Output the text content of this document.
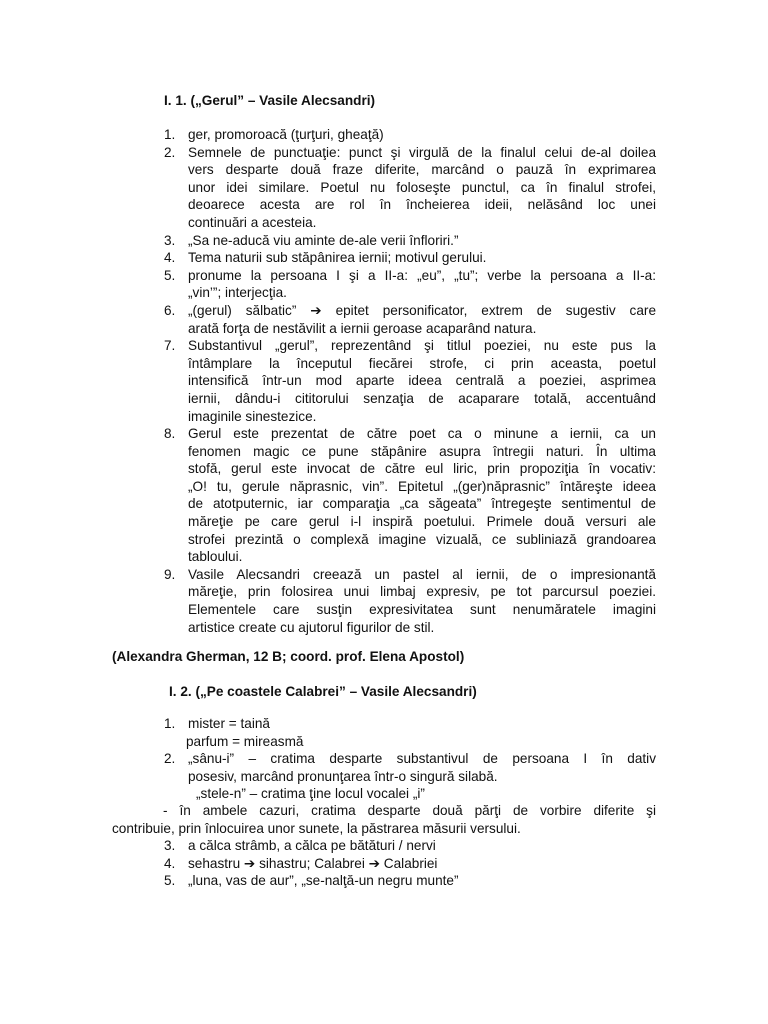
I. 1. („Gerul” – Vasile Alecsandri)
1. ger, promoroacă (ţurţuri, gheaţă)
2. Semnele de punctuaţie: punct şi virgulă de la finalul celui de-al doilea
vers desparte două fraze diferite, marcând o pauză în exprimarea
unor idei similare. Poetul nu foloseşte punctul, ca în finalul strofei,
deoarece acesta are rol în încheierea ideii, nelăsând loc unei
continuări a acesteia.
3. „Sa ne-aducă viu aminte de-ale verii înfloriri.”
4. Tema naturii sub stăpânirea iernii; motivul gerului.
5. pronume la persoana I şi a II-a: „eu”, „tu”; verbe la persoana a II-a:
„vin’”; interjecţia.
6. „(gerul) sălbatic” ➔ epitet personificator, extrem de sugestiv care
arată forţa de nestăvilit a iernii geroase acaparând natura.
7. Substantivul „gerul”, reprezentând şi titlul poeziei, nu este pus la
întâmplare la începutul fiecărei strofe, ci prin aceasta, poetul
intensifică într-un mod aparte ideea centrală a poeziei, asprimea
iernii, dându-i cititorului senzaţia de acaparare totală, accentuând
imaginile sinestezice.
8. Gerul este prezentat de către poet ca o minune a iernii, ca un
fenomen magic ce pune stăpânire asupra întregii naturi. În ultima
stofă, gerul este invocat de către eul liric, prin propoziţia în vocativ:
„O! tu, gerule năprasnic, vin”. Epitetul „(ger)năprasnic” întăreşte ideea
de atotputernic, iar comparaţia „ca săgeata” întregeşte sentimentul de
măreţie pe care gerul i-l inspiră poetului. Primele două versuri ale
strofei prezintă o complexă imagine vizuală, ce subliniază grandoarea
tabloului.
9. Vasile Alecsandri creează un pastel al iernii, de o impresionantă
măreţie, prin folosirea unui limbaj expresiv, pe tot parcursul poeziei.
Elementele care susţin expresivitatea sunt nenumăratele imagini
artistice create cu ajutorul figurilor de stil.
(Alexandra Gherman, 12 B; coord. prof. Elena Apostol)
I. 2. („Pe coastele Calabrei” – Vasile Alecsandri)
1. mister = taină
parfum = mireasmă
2. „sânu-i” – cratima desparte substantivul de persoana I în dativ
posesiv, marcând pronunţarea într-o singură silabă.
„stele-n” – cratima ţine locul vocalei „i”
- în ambele cazuri, cratima desparte două părţi de vorbire diferite şi
contribuie, prin înlocuirea unor sunete, la păstrarea măsurii versului.
3. a călca strâmb, a călca pe bătături / nervi
4. sehastru ➔ sihastru; Calabrei ➔ Calabriei
5. „luna, vas de aur”, „se-nalţă-un negru munte”
